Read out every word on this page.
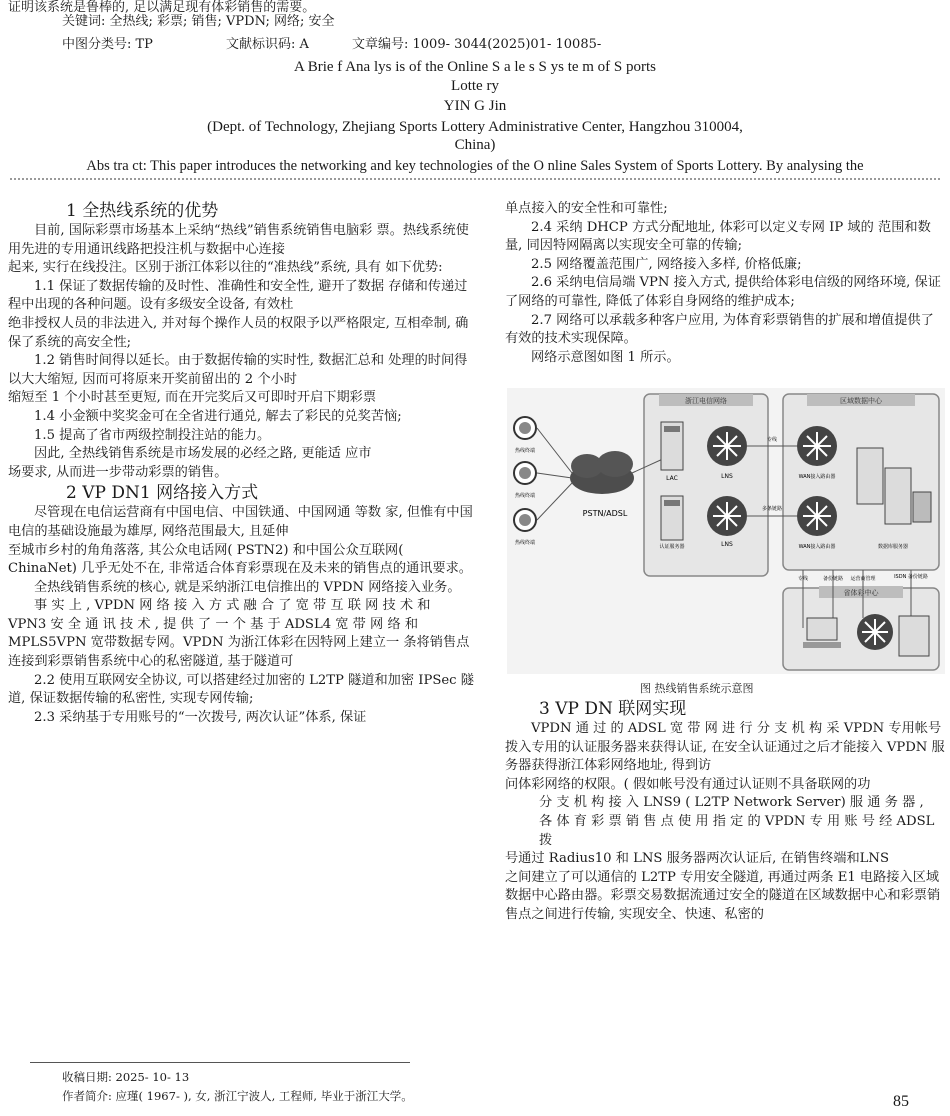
证明该系统是鲁棒的, 足以满足现有体彩销售的需要。
关键词: 全热线; 彩票; 销售; VPDN; 网络; 安全
中图分类号: TP	文献标识码: A	文章编号: 1009- 3044(2025)01- 10085-
A Brie f Ana lys is of the Online S a le s S ys te m of S ports
Lotte ry
YIN G Jin
(Dept. of Technology, Zhejiang Sports Lottery Administrative Center, Hangzhou 310004,
China)
Abs tra ct: This paper introduces the networking and key technologies of the O nline Sales System of Sports Lottery. By analysing the

1 全热线系统的优势

目前, 国际彩票市场基本上采纳“热线”销售系统销售电脑彩 票。热线系统使用先进的专用通讯线路把投注机与数据中心连接

起来, 实行在线投注。区别于浙江体彩以往的“准热线”系统, 具有 如下优势:

1.1 保证了数据传输的及时性、准确性和安全性, 避开了数据 存储和传递过程中出现的各种问题。设有多级安全设备, 有效杜

绝非授权人员的非法进入, 并对每个操作人员的权限予以严格限定, 互相牵制, 确保了系统的高安全性;

1.2 销售时间得以延长。由于数据传输的实时性, 数据汇总和 处理的时间得以大大缩短, 因而可将原来开奖前留出的 2 个小时

缩短至 1 个小时甚至更短, 而在开完奖后又可即时开启下期彩票

1.4 小金额中奖奖金可在全省进行通兑, 解去了彩民的兑奖苦恼;

1.5 提高了省市两级控制投注站的能力。

因此, 全热线销售系统是市场发展的必经之路, 更能适 应市

场要求, 从而进一步带动彩票的销售。

2 VP DN1 网络接入方式

尽管现在电信运营商有中国电信、中国铁通、中国网通 等数 家, 但惟有中国电信的基础设施最为雄厚, 网络范围最大, 且延伸

至城市乡村的角角落落, 其公众电话网( PSTN2) 和中国公众互联网( ChinaNet) 几乎无处不在, 非常适合体育彩票现在及未来的销售点的通讯要求。

全热线销售系统的核心, 就是采纳浙江电信推出的 VPDN 网络接入业务。

事 实 上 , VPDN 网 络 接 入 方 式 融 合 了 宽 带 互 联 网 技 术 和

VPN3 安 全 通 讯 技 术 , 提 供 了 一 个 基 于 ADSL4 宽 带 网 络 和

MPLS5VPN 宽带数据专网。VPDN 为浙江体彩在因特网上建立一 条将销售点连接到彩票销售系统中心的私密隧道, 基于隧道可

2.2 使用互联网安全协议, 可以搭建经过加密的 L2TP 隧道和加密 IPSec 隧道, 保证数据传输的私密性, 实现专网传输;

2.3 采纳基于专用账号的“一次拨号, 两次认证”体系, 保证

单点接入的安全性和可靠性;

2.4 采纳 DHCP 方式分配地址, 体彩可以定义专网 IP 域的 范围和数量, 同因特网隔离以实现安全可靠的传输;

2.5 网络覆盖范围广, 网络接入多样, 价格低廉;

2.6 采纳电信局端 VPN 接入方式, 提供给体彩电信级的网络环境, 保证了网络的可靠性, 降低了体彩自身网络的维护成本;

2.7 网络可以承载多种客户应用, 为体育彩票销售的扩展和增值提供了有效的技术实现保障。

网络示意图如图 1 所示。

浙江电信网络	区域数据中心
省体彩中心
热线终端
热线终端
热线终端
PSTN/ADSL
LAC	LNS
认证服务器	LNS
WAN接入路由器
WAN接入路由器	数据库服务器
专线
多条链路
专线	备份链路 运营商管理	ISDN 备份链路
图 热线销售系统示意图

3 VP DN 联网实现

VPDN 通 过 的 ADSL 宽 带 网 进 行 分 支 机 构 采 VPDN 专用帐号拨入专用的认证服务器来获得认证, 在安全认证通过之后才能接入 VPDN 服务器获得浙江体彩网络地址, 得到访

问体彩网络的权限。( 假如帐号没有通过认证则不具备联网的功

分 支 机 构 接 入 LNS9 ( L2TP Network Server) 服 通 务 器 ,

各 体 育 彩 票 销 售 点 使 用 指 定 的 VPDN 专 用 账 号 经 ADSL 拨

号通过 Radius10 和 LNS 服务器两次认证后, 在销售终端和LNS

之间建立了可以通信的 L2TP 专用安全隧道, 再通过两条 E1 电路接入区域数据中心路由器。彩票交易数据流通过安全的隧道在区域数据中心和彩票销售点之间进行传输, 实现安全、快速、私密的

收稿日期: 2025- 10- 13
作者简介: 应瑾( 1967- ), 女, 浙江宁波人, 工程师, 毕业于浙江大学。	85
